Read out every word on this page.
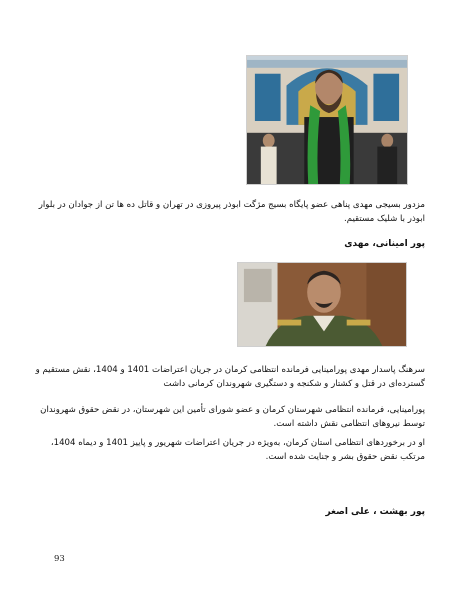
مزدور بسیجی مهدی پناهی عضو پایگاه بسیج مژگت ابوذر پیروزی در تهران و قاتل ده ها تن از جوادان در بلوار ابوذر با شلیک مستقیم.

پور امینانی، مهدی

سرهنگ پاسدار مهدی پورامینایی فرمانده انتظامی کرمان در جریان اعتراضات 1401 و 1404، نقش مستقیم و گسترده‌ای در قتل و کشتار و شکنجه و دستگیری شهروندان کرمانی داشت

پورامینایی، فرمانده انتظامی شهرستان کرمان و عضو شورای تأمین این شهرستان، در نقض حقوق شهروندان توسط نیروهای انتظامی نقش داشته است.

او در برخوردهای انتظامی استان کرمان، به‌ویژه در جریان اعتراضات شهریور و پاییز 1401 و دیماه 1404، مرتکب نقض حقوق بشر و جنایت شده است.

پور بهشت ، علی اصغر

93
